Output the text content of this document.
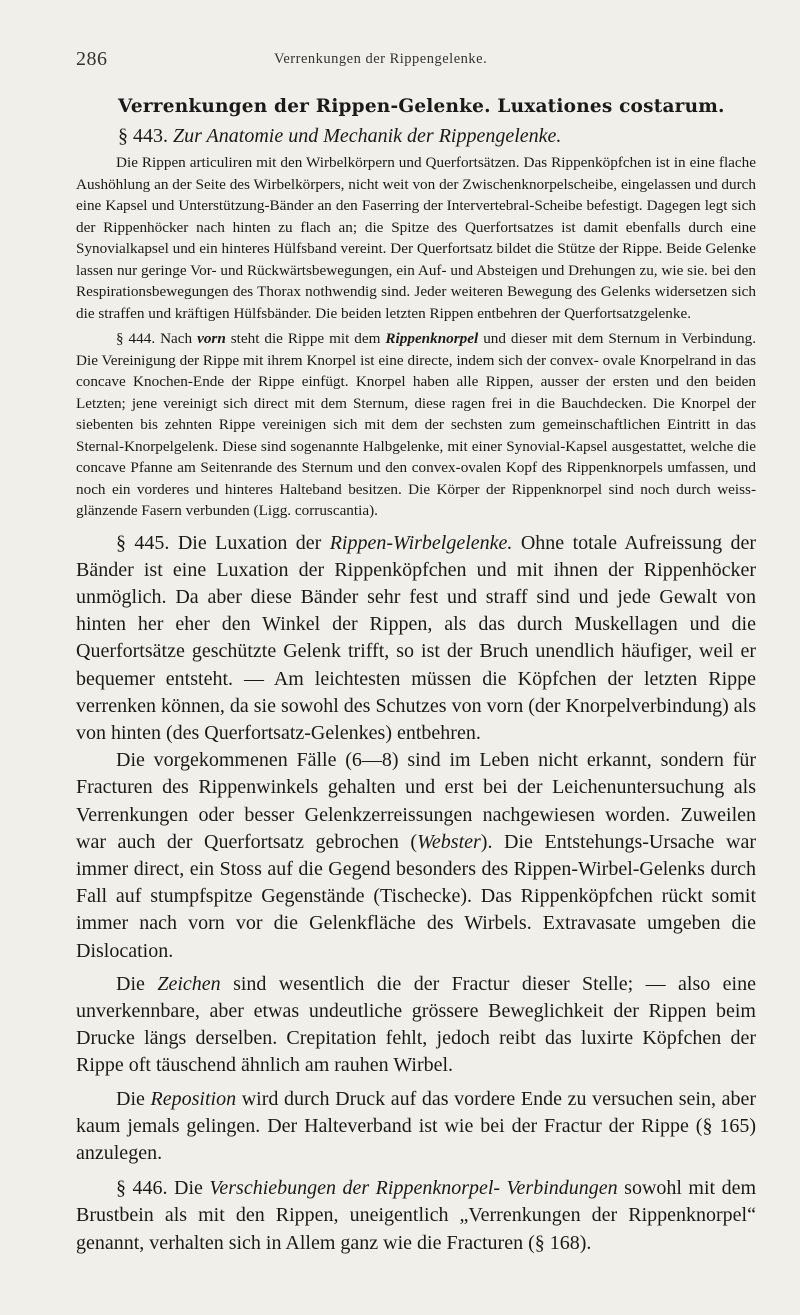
286	Verrenkungen der Rippengelenke.
Verrenkungen der Rippen-Gelenke. Luxationes costarum.
§ 443. Zur Anatomie und Mechanik der Rippengelenke.

Die Rippen articuliren mit den Wirbelkörpern und Querfortsätzen. Das Rippenköpfchen ist in eine flache Aushöhlung an der Seite des Wirbelkörpers, nicht weit von der Zwischenknorpelscheibe, eingelassen und durch eine Kapsel und Unterstützung-Bänder an den Faserring der Intervertebral-Scheibe befestigt. Dagegen legt sich der Rippenhöcker nach hinten zu flach an; die Spitze des Querfortsatzes ist damit ebenfalls durch eine Synovialkapsel und ein hinteres Hülfsband vereint. Der Querfortsatz bildet die Stütze der Rippe. Beide Gelenke lassen nur geringe Vor- und Rückwärtsbewegungen, ein Auf- und Absteigen und Drehungen zu, wie sie. bei den Respirationsbewegungen des Thorax nothwendig sind. Jeder weiteren Bewegung des Gelenks widersetzen sich die straffen und kräftigen Hülfsbänder. Die beiden letzten Rippen entbehren der Querfortsatzgelenke.

§ 444. Nach vorn steht die Rippe mit dem Rippenknorpel und dieser mit dem Sternum in Verbindung. Die Vereinigung der Rippe mit ihrem Knorpel ist eine directe, indem sich der convex- ovale Knorpelrand in das concave Knochen-Ende der Rippe einfügt. Knorpel haben alle Rippen, ausser der ersten und den beiden Letzten; jene vereinigt sich direct mit dem Sternum, diese ragen frei in die Bauchdecken. Die Knorpel der siebenten bis zehnten Rippe vereinigen sich mit dem der sechsten zum gemeinschaftlichen Eintritt in das Sternal-Knorpelgelenk. Diese sind sogenannte Halbgelenke, mit einer Synovial-Kapsel ausgestattet, welche die concave Pfanne am Seitenrande des Sternum und den convex-ovalen Kopf des Rippenknorpels umfassen, und noch ein vorderes und hinteres Halteband besitzen. Die Körper der Rippenknorpel sind noch durch weiss-glänzende Fasern verbunden (Ligg. corruscantia).

§ 445. Die Luxation der Rippen-Wirbelgelenke. Ohne totale Aufreissung der Bänder ist eine Luxation der Rippenköpfchen und mit ihnen der Rippenhöcker unmöglich. Da aber diese Bänder sehr fest und straff sind und jede Gewalt von hinten her eher den Winkel der Rippen, als das durch Muskellagen und die Querfortsätze geschützte Gelenk trifft, so ist der Bruch unendlich häufiger, weil er bequemer entsteht. — Am leichtesten müssen die Köpfchen der letzten Rippe verrenken können, da sie sowohl des Schutzes von vorn (der Knorpelverbindung) als von hinten (des Querfortsatz-Gelenkes) entbehren.

Die vorgekommenen Fälle (6—8) sind im Leben nicht erkannt, sondern für Fracturen des Rippenwinkels gehalten und erst bei der Leichenuntersuchung als Verrenkungen oder besser Gelenkzerreissungen nachgewiesen worden. Zuweilen war auch der Querfortsatz gebrochen (Webster). Die Entstehungs-Ursache war immer direct, ein Stoss auf die Gegend besonders des Rippen-Wirbel-Gelenks durch Fall auf stumpfspitze Gegenstände (Tischecke). Das Rippenköpfchen rückt somit immer nach vorn vor die Gelenkfläche des Wirbels. Extravasate umgeben die Dislocation.

Die Zeichen sind wesentlich die der Fractur dieser Stelle; — also eine unverkennbare, aber etwas undeutliche grössere Beweglichkeit der Rippen beim Drucke längs derselben. Crepitation fehlt, jedoch reibt das luxirte Köpfchen der Rippe oft täuschend ähnlich am rauhen Wirbel.

Die Reposition wird durch Druck auf das vordere Ende zu versuchen sein, aber kaum jemals gelingen. Der Halteverband ist wie bei der Fractur der Rippe (§ 165) anzulegen.

§ 446. Die Verschiebungen der Rippenknorpel- Verbindungen sowohl mit dem Brustbein als mit den Rippen, uneigentlich „Verrenkungen der Rippenknorpel“ genannt, verhalten sich in Allem ganz wie die Fracturen (§ 168).
